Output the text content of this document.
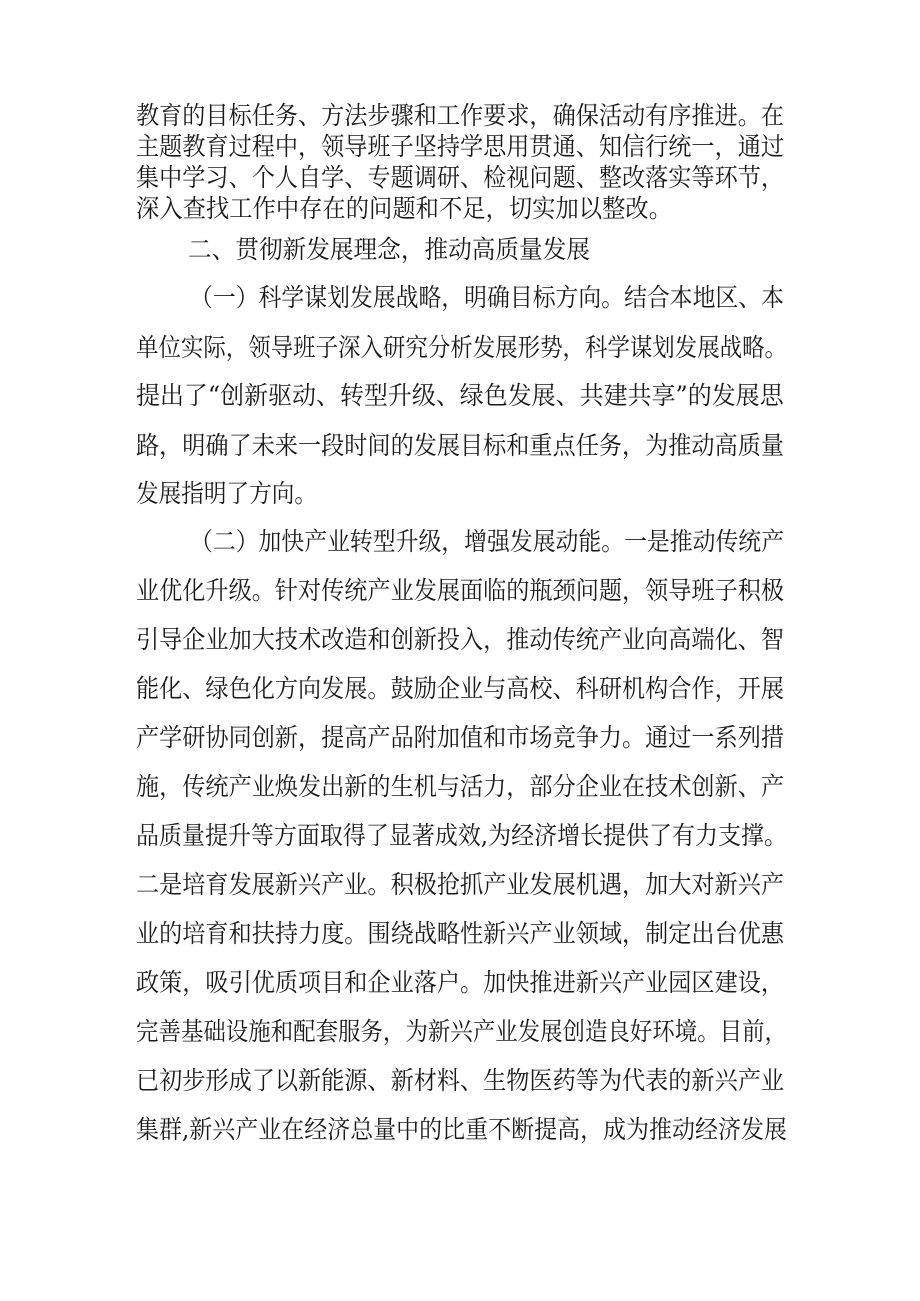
教育的目标任务、方法步骤和工作要求，确保活动有序推进。在

主题教育过程中，领导班子坚持学思用贯通、知信行统一，通过

集中学习、个人自学、专题调研、检视问题、整改落实等环节，

深入查找工作中存在的问题和不足，切实加以整改。

二、贯彻新发展理念，推动高质量发展

（一）科学谋划发展战略，明确目标方向。结合本地区、本

单位实际，领导班子深入研究分析发展形势，科学谋划发展战略。

提出了“创新驱动、转型升级、绿色发展、共建共享”的发展思

路，明确了未来一段时间的发展目标和重点任务，为推动高质量

发展指明了方向。

（二）加快产业转型升级，增强发展动能。一是推动传统产

业优化升级。针对传统产业发展面临的瓶颈问题，领导班子积极

引导企业加大技术改造和创新投入，推动传统产业向高端化、智

能化、绿色化方向发展。鼓励企业与高校、科研机构合作，开展

产学研协同创新，提高产品附加值和市场竞争力。通过一系列措

施，传统产业焕发出新的生机与活力，部分企业在技术创新、产

品质量提升等方面取得了显著成效,为经济增长提供了有力支撑。

二是培育发展新兴产业。积极抢抓产业发展机遇，加大对新兴产

业的培育和扶持力度。围绕战略性新兴产业领域，制定出台优惠

政策，吸引优质项目和企业落户。加快推进新兴产业园区建设，

完善基础设施和配套服务，为新兴产业发展创造良好环境。目前，

已初步形成了以新能源、新材料、生物医药等为代表的新兴产业

集群,新兴产业在经济总量中的比重不断提高，成为推动经济发展
